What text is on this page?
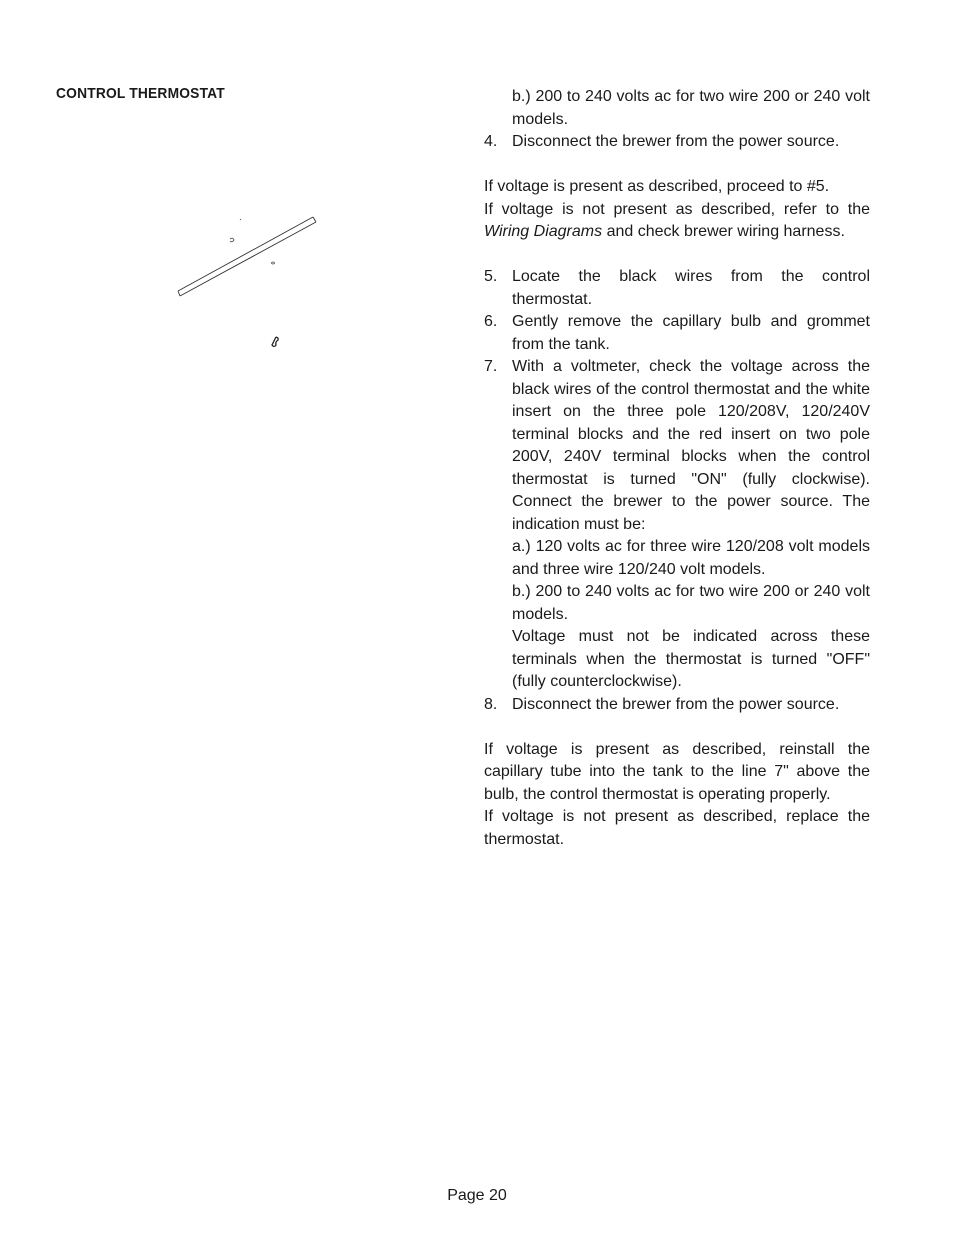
CONTROL THERMOSTAT	b.) 200 to 240 volts ac for two wire 200 or 240 volt models.

4. Disconnect the brewer from the power source.

If voltage is present as described, proceed to #5.

If voltage is not present as described, refer to the Wiring Diagrams and check brewer wiring harness.

5. Locate the black wires from the control thermostat.
6. Gently remove the capillary bulb and grommet from the tank.
7. With a voltmeter, check the voltage across the black wires of the control thermostat and the white insert on the three pole 120/208V, 120/240V terminal blocks and the red insert on two pole 200V, 240V terminal blocks when the control thermostat is turned "ON" (fully clockwise). Connect the brewer to the power source. The indication must be:

a.) 120 volts ac for three wire 120/208 volt models and three wire 120/240 volt models.

b.) 200 to 240 volts ac for two wire 200 or 240 volt models.

Voltage must not be indicated across these terminals when the thermostat is turned "OFF" (fully counterclockwise).

8. Disconnect the brewer from the power source.

If voltage is present as described, reinstall the capillary tube into the tank to the line 7" above the bulb, the control thermostat is operating properly.

If voltage is not present as described, replace the thermostat.

Page 20
